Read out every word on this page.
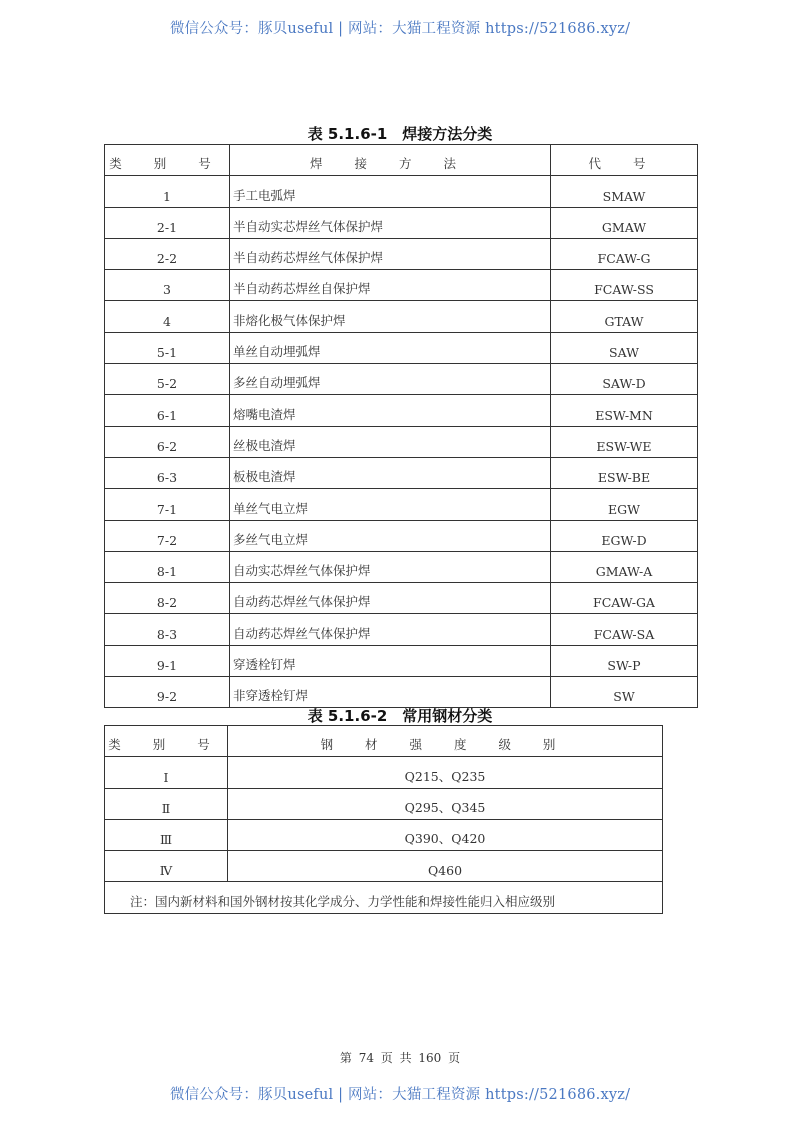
微信公众号：豚贝useful | 网站：大猫工程资源 https://521686.xyz/
表 5.1.6-1　焊接方法分类
类 别 号	焊 接 方 法	代 号
1	手工电弧焊	SMAW
2-1	半自动实芯焊丝气体保护焊	GMAW
2-2	半自动药芯焊丝气体保护焊	FCAW-G
3	半自动药芯焊丝自保护焊	FCAW-SS
4	非熔化极气体保护焊	GTAW
5-1	单丝自动埋弧焊	SAW
5-2	多丝自动埋弧焊	SAW-D
6-1	熔嘴电渣焊	ESW-MN
6-2	丝极电渣焊	ESW-WE
6-3	板极电渣焊	ESW-BE
7-1	单丝气电立焊	EGW
7-2	多丝气电立焊	EGW-D
8-1	自动实芯焊丝气体保护焊	GMAW-A
8-2	自动药芯焊丝气体保护焊	FCAW-GA
8-3	自动药芯焊丝气体保护焊	FCAW-SA
9-1	穿透栓钉焊	SW-P
9-2	非穿透栓钉焊	SW
表 5.1.6-2　常用钢材分类
类 别 号	钢 材 强 度 级 别
Ⅰ	Q215、Q235
Ⅱ	Q295、Q345
Ⅲ	Q390、Q420
Ⅳ	Q460
注：国内新材料和国外钢材按其化学成分、力学性能和焊接性能归入相应级别	
第 74 页 共 160 页
微信公众号：豚贝useful | 网站：大猫工程资源 https://521686.xyz/
